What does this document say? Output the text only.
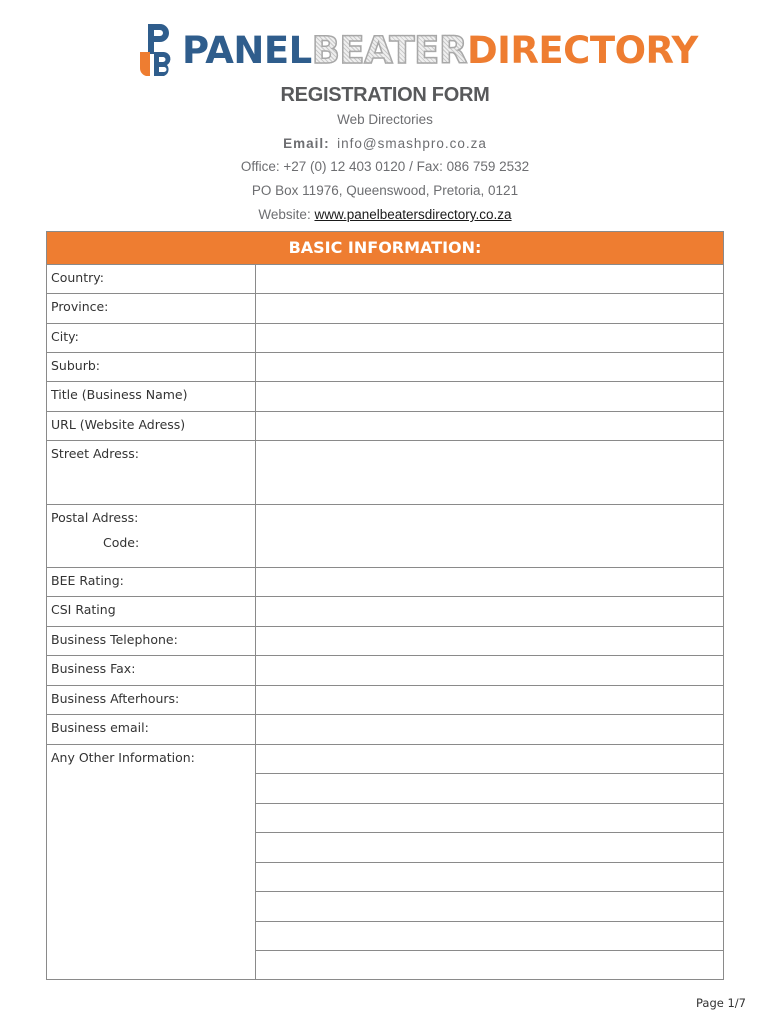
PANELBEATERDIRECTORY
REGISTRATION FORM
Web Directories
Email: info@smashpro.co.za
Office: +27 (0) 12 403 0120 / Fax: 086 759 2532
PO Box 11976, Queenswood, Pretoria, 0121
Website: www.panelbeatersdirectory.co.za
BASIC INFORMATION:	
Country:	
Province:	
City:	
Suburb:	
Title (Business Name)	
URL (Website Adress)	
Street Adress:	

Postal Adress:
Code:	

BEE Rating:	
CSI Rating	
Business Telephone:	
Business Fax:	
Business Afterhours:	
Business email:	
Any Other Information:	

Page 1/7
